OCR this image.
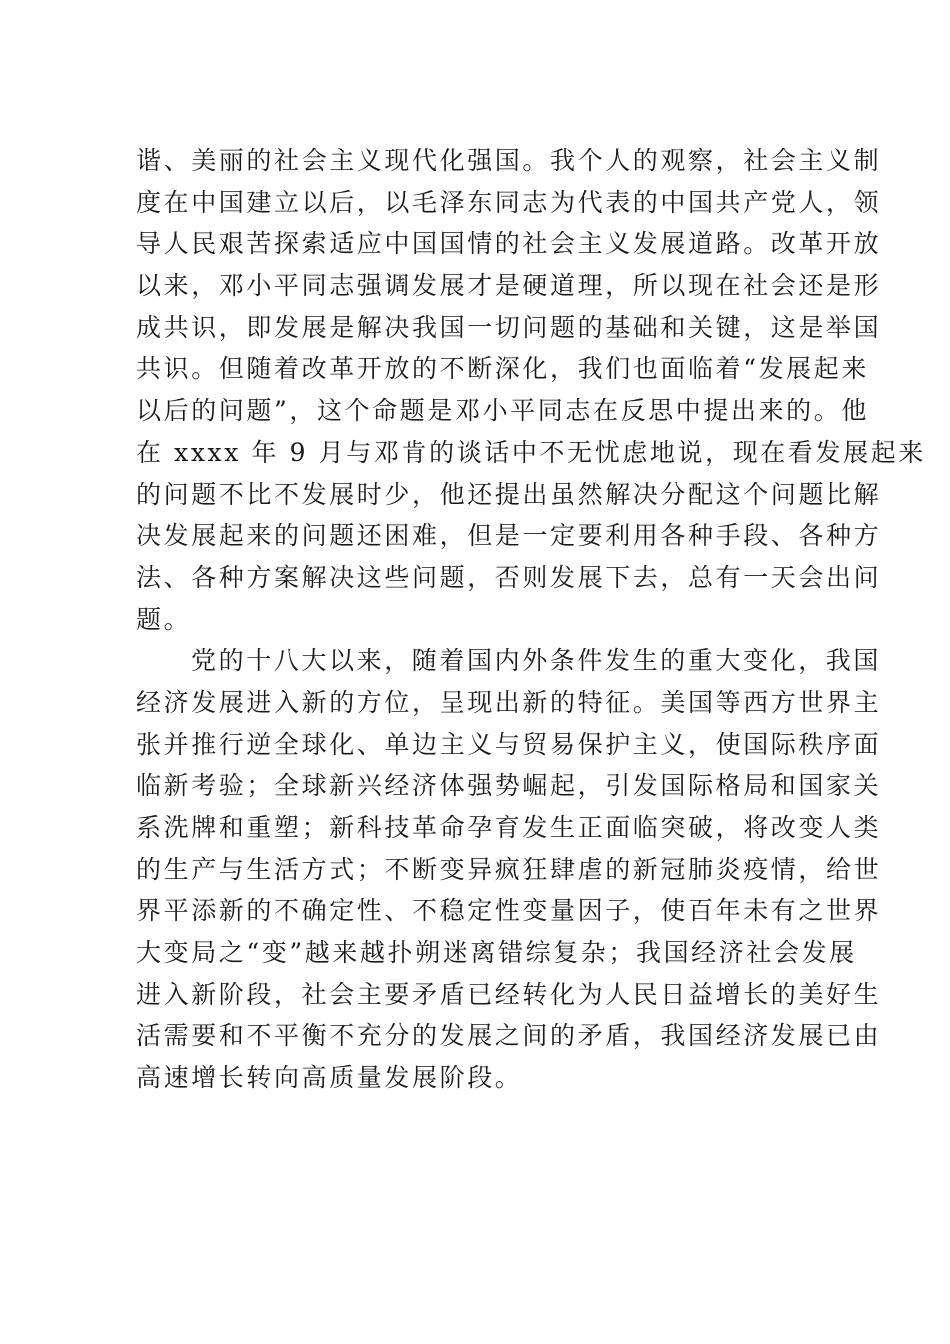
谐、美丽的社会主义现代化强国。我个人的观察，社会主义制
度在中国建立以后，以毛泽东同志为代表的中国共产党人，领
导人民艰苦探索适应中国国情的社会主义发展道路。改革开放
以来，邓小平同志强调发展才是硬道理，所以现在社会还是形
成共识，即发展是解决我国一切问题的基础和关键，这是举国
共识。但随着改革开放的不断深化，我们也面临着“发展起来
以后的问题”，这个命题是邓小平同志在反思中提出来的。他
在 xxxx 年 9 月与邓肯的谈话中不无忧虑地说，现在看发展起来
的问题不比不发展时少，他还提出虽然解决分配这个问题比解
决发展起来的问题还困难，但是一定要利用各种手段、各种方
法、各种方案解决这些问题，否则发展下去，总有一天会出问
题。
党的十八大以来，随着国内外条件发生的重大变化，我国
经济发展进入新的方位，呈现出新的特征。美国等西方世界主
张并推行逆全球化、单边主义与贸易保护主义，使国际秩序面
临新考验；全球新兴经济体强势崛起，引发国际格局和国家关
系洗牌和重塑；新科技革命孕育发生正面临突破，将改变人类
的生产与生活方式；不断变异疯狂肆虐的新冠肺炎疫情，给世
界平添新的不确定性、不稳定性变量因子，使百年未有之世界
大变局之“变”越来越扑朔迷离错综复杂；我国经济社会发展
进入新阶段，社会主要矛盾已经转化为人民日益增长的美好生
活需要和不平衡不充分的发展之间的矛盾，我国经济发展已由
高速增长转向高质量发展阶段。
